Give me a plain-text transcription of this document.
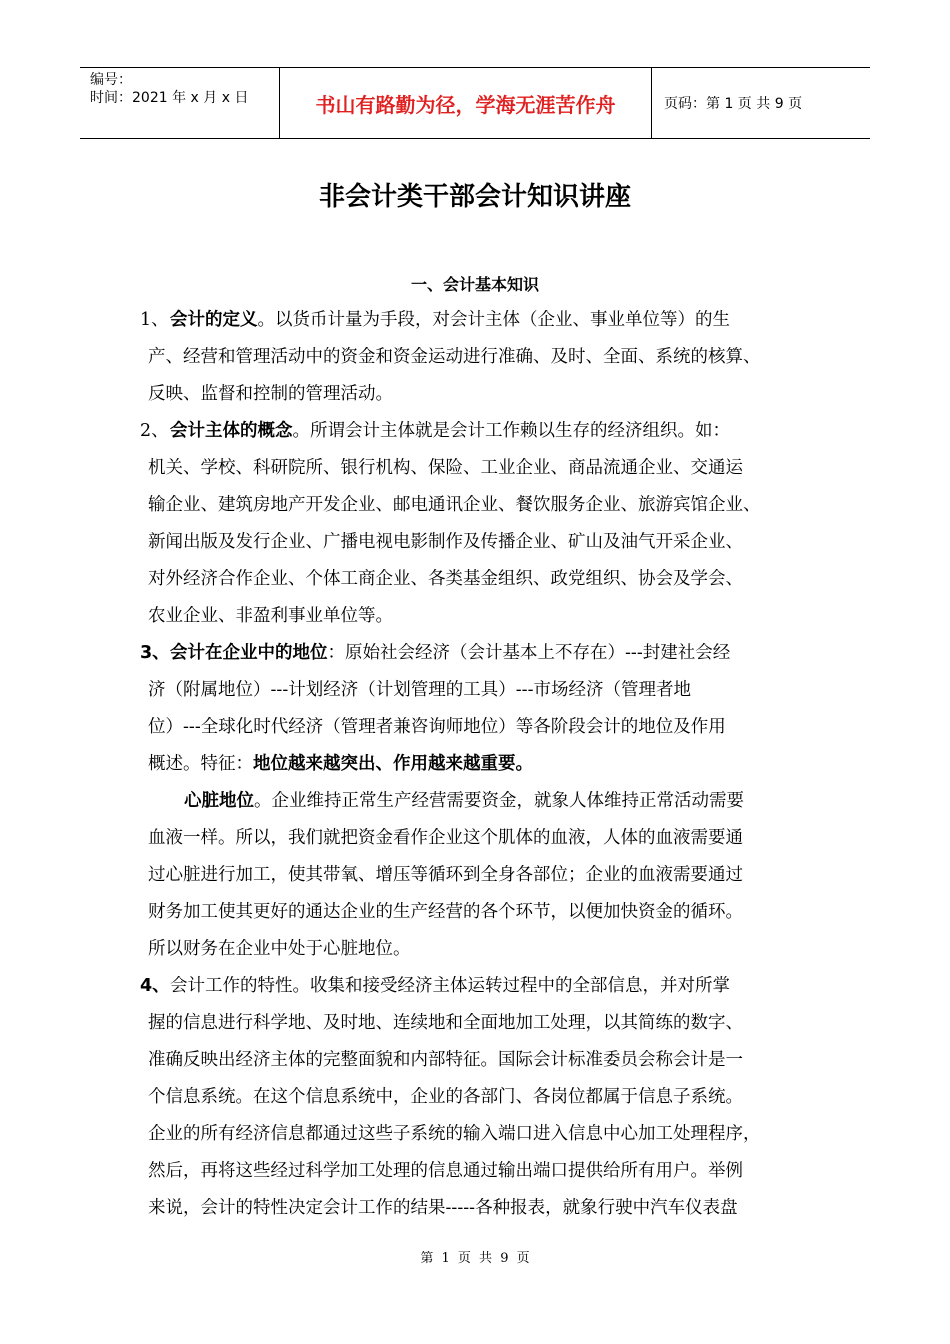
编号：
时间：2021 年 x 月 x 日	书山有路勤为径，学海无涯苦作舟	页码：第 1 页 共 9 页
非会计类干部会计知识讲座
一、会计基本知识
1、会计的定义。以货币计量为手段，对会计主体（企业、事业单位等）的生
产、经营和管理活动中的资金和资金运动进行准确、及时、全面、系统的核算、
反映、监督和控制的管理活动。
2、会计主体的概念。所谓会计主体就是会计工作赖以生存的经济组织。如：
机关、学校、科研院所、银行机构、保险、工业企业、商品流通企业、交通运
输企业、建筑房地产开发企业、邮电通讯企业、餐饮服务企业、旅游宾馆企业、
新闻出版及发行企业、广播电视电影制作及传播企业、矿山及油气开采企业、
对外经济合作企业、个体工商企业、各类基金组织、政党组织、协会及学会、
农业企业、非盈利事业单位等。
3、会计在企业中的地位：原始社会经济（会计基本上不存在）---封建社会经
济（附属地位）---计划经济（计划管理的工具）---市场经济（管理者地
位）---全球化时代经济（管理者兼咨询师地位）等各阶段会计的地位及作用
概述。特征：地位越来越突出、作用越来越重要。
心脏地位。企业维持正常生产经营需要资金，就象人体维持正常活动需要
血液一样。所以，我们就把资金看作企业这个肌体的血液，人体的血液需要通
过心脏进行加工，使其带氧、增压等循环到全身各部位；企业的血液需要通过
财务加工使其更好的通达企业的生产经营的各个环节，以便加快资金的循环。
所以财务在企业中处于心脏地位。
4、会计工作的特性。收集和接受经济主体运转过程中的全部信息，并对所掌
握的信息进行科学地、及时地、连续地和全面地加工处理，以其简练的数字、
准确反映出经济主体的完整面貌和内部特征。国际会计标准委员会称会计是一
个信息系统。在这个信息系统中，企业的各部门、各岗位都属于信息子系统。
企业的所有经济信息都通过这些子系统的输入端口进入信息中心加工处理程序，
然后，再将这些经过科学加工处理的信息通过输出端口提供给所有用户。举例
来说，会计的特性决定会计工作的结果-----各种报表，就象行驶中汽车仪表盘
第 1 页 共 9 页
